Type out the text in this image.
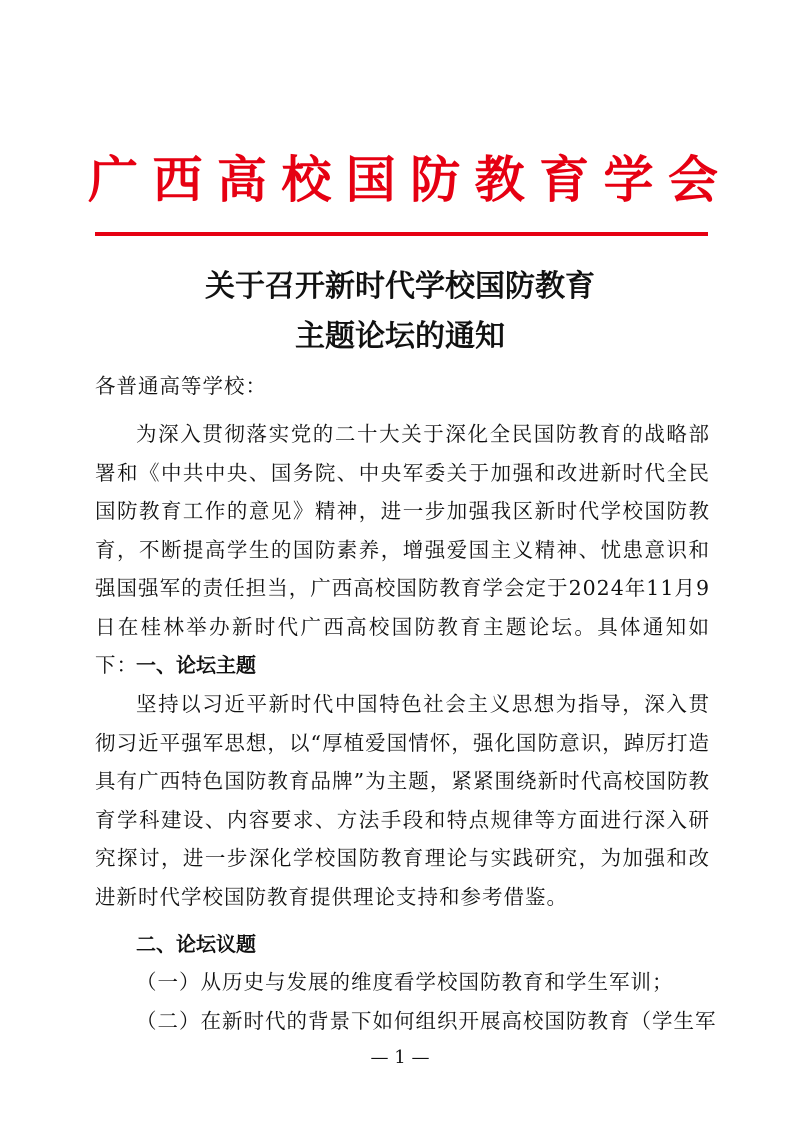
广西高校国防教育学会
关于召开新时代学校国防教育
主题论坛的通知
各普通高等学校：

为深入贯彻落实党的二十大关于深化全民国防教育的战略部署和《中共中央、国务院、中央军委关于加强和改进新时代全民国防教育工作的意见》精神，进一步加强我区新时代学校国防教育，不断提高学生的国防素养，增强爱国主义精神、忧患意识和强国强军的责任担当，广西高校国防教育学会定于2024年11月9日在桂林举办新时代广西高校国防教育主题论坛。具体通知如下：

一、论坛主题

坚持以习近平新时代中国特色社会主义思想为指导，深入贯彻习近平强军思想，以“厚植爱国情怀，强化国防意识，踔厉打造具有广西特色国防教育品牌”为主题，紧紧围绕新时代高校国防教育学科建设、内容要求、方法手段和特点规律等方面进行深入研究探讨，进一步深化学校国防教育理论与实践研究，为加强和改进新时代学校国防教育提供理论支持和参考借鉴。

二、论坛议题
（一）从历史与发展的维度看学校国防教育和学生军训；
（二）在新时代的背景下如何组织开展高校国防教育（学生军
— 1 —
